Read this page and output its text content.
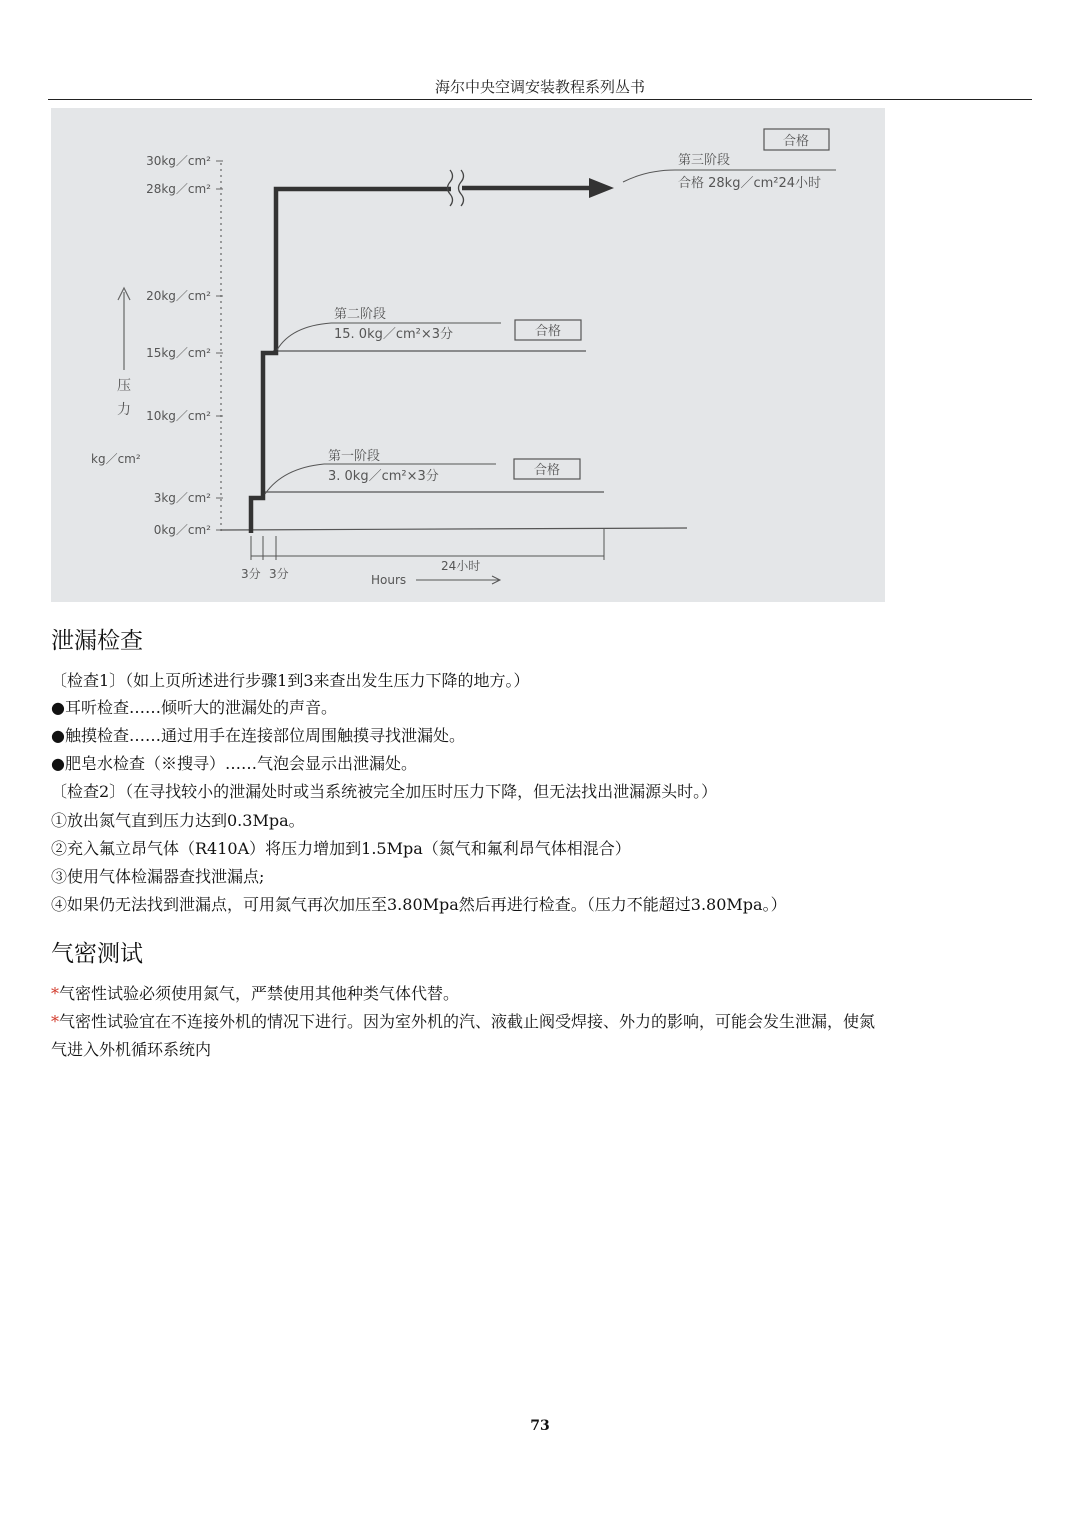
海尔中央空调安装教程系列丛书
30kg／cm²
28kg／cm²
20kg／cm²
15kg／cm²
10kg／cm²
3kg／cm²
0kg／cm²
压
力
kg／cm²
合格
第三阶段
合格 28kg／cm²24小时
第二阶段
15. 0kg／cm²×3分	合格
第一阶段
3. 0kg／cm²×3分	合格
3分 3分	Hours
24小时
泄漏检查
〔检查1〕（如上页所述进行步骤1到3来查出发生压力下降的地方。）
●耳听检查……倾听大的泄漏处的声音。
●触摸检查……通过用手在连接部位周围触摸寻找泄漏处。
●肥皂水检查（※搜寻）……气泡会显示出泄漏处。
〔检查2〕（在寻找较小的泄漏处时或当系统被完全加压时压力下降，但无法找出泄漏源头时。）
①放出氮气直到压力达到0.3Mpa。
②充入氟立昂气体（R410A）将压力增加到1.5Mpa（氮气和氟利昂气体相混合）
③使用气体检漏器查找泄漏点;
④如果仍无法找到泄漏点，可用氮气再次加压至3.80Mpa然后再进行检查。（压力不能超过3.80Mpa。）
气密测试
*气密性试验必须使用氮气，严禁使用其他种类气体代替。
*气密性试验宜在不连接外机的情况下进行。因为室外机的汽、液截止阀受焊接、外力的影响，可能会发生泄漏，使氮
气进入外机循环系统内
73
